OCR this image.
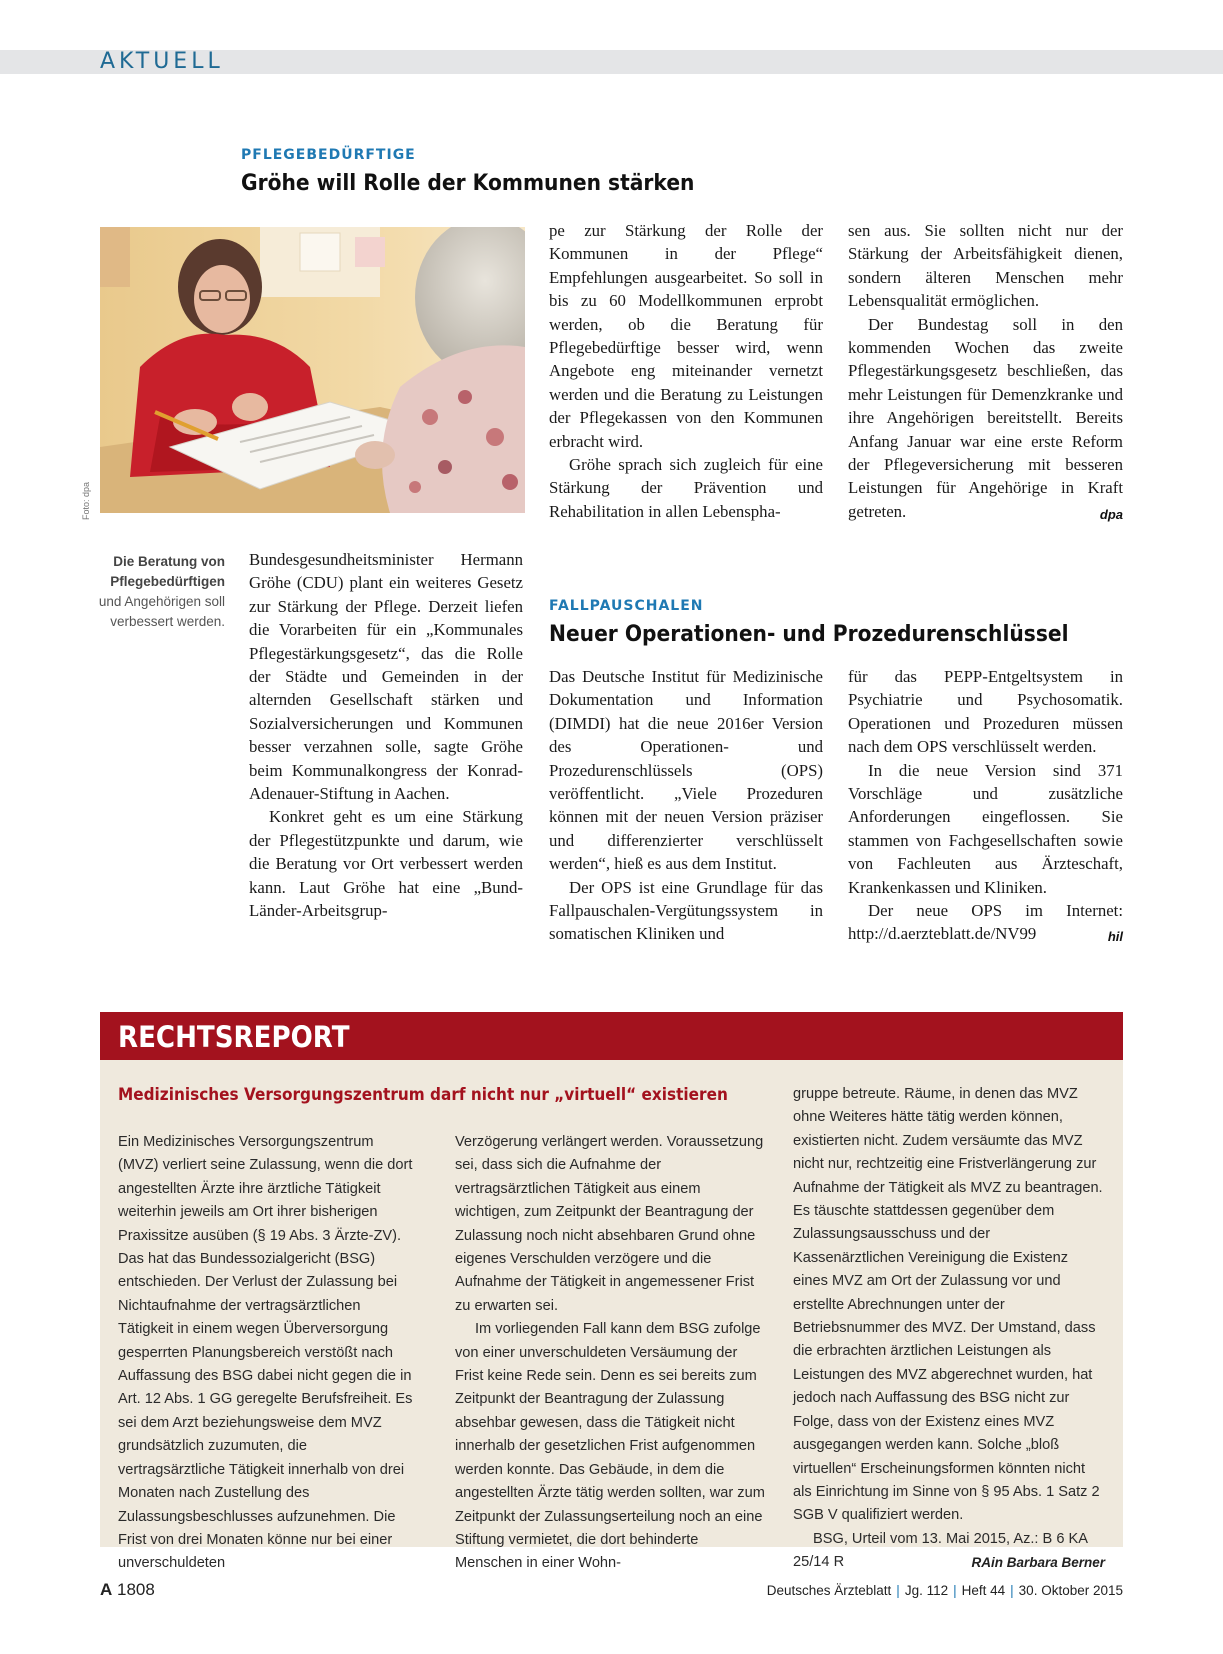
AKTUELL
PFLEGEBEDÜRFTIGE
Gröhe will Rolle der Kommunen stärken
Foto: dpa
Die Beratung von Pflegebedürftigen und Angehörigen soll verbessert werden.

Bundesgesundheitsminister Hermann Gröhe (CDU) plant ein weiteres Gesetz zur Stärkung der Pflege. Derzeit liefen die Vorarbeiten für ein „Kommunales Pflegestärkungsgesetz“, das die Rolle der Städte und Gemeinden in der alternden Gesellschaft stärken und Sozialversicherungen und Kommunen besser verzahnen solle, sagte Gröhe beim Kommunalkongress der Konrad-Adenauer-Stiftung in Aachen.

Konkret geht es um eine Stärkung der Pflegestützpunkte und darum, wie die Beratung vor Ort verbessert werden kann. Laut Gröhe hat eine „Bund-Länder-Arbeitsgrup-

pe zur Stärkung der Rolle der Kommunen in der Pflege“ Empfehlungen ausgearbeitet. So soll in bis zu 60 Modellkommunen erprobt werden, ob die Beratung für Pflegebedürftige besser wird, wenn Angebote eng miteinander vernetzt werden und die Beratung zu Leistungen der Pflegekassen von den Kommunen erbracht wird.

Gröhe sprach sich zugleich für eine Stärkung der Prävention und Rehabilitation in allen Lebenspha-

sen aus. Sie sollten nicht nur der Stärkung der Arbeitsfähigkeit dienen, sondern älteren Menschen mehr Lebensqualität ermöglichen.

Der Bundestag soll in den kommenden Wochen das zweite Pflegestärkungsgesetz beschließen, das mehr Leistungen für Demenzkranke und ihre Angehörigen bereitstellt. Bereits Anfang Januar war eine erste Reform der Pflegeversicherung mit besseren Leistungen für Angehörige in Kraft getreten.	dpa

FALLPAUSCHALEN
Neuer Operationen- und Prozedurenschlüssel

Das Deutsche Institut für Medizinische Dokumentation und Information (DIMDI) hat die neue 2016er Version des Operationen- und Prozedurenschlüssels (OPS) veröffentlicht. „Viele Prozeduren können mit der neuen Version präziser und differenzierter verschlüsselt werden“, hieß es aus dem Institut.

Der OPS ist eine Grundlage für das Fallpauschalen-Vergütungssystem in somatischen Kliniken und

für das PEPP-Entgeltsystem in Psychiatrie und Psychosomatik. Operationen und Prozeduren müssen nach dem OPS verschlüsselt werden.

In die neue Version sind 371 Vorschläge und zusätzliche Anforderungen eingeflossen. Sie stammen von Fachgesellschaften sowie von Fachleuten aus Ärzteschaft, Krankenkassen und Kliniken.

Der neue OPS im Internet: http://d.aerzteblatt.de/NV99	hil

RECHTSREPORT
Medizinisches Versorgungszentrum darf nicht nur „virtuell“ existieren

Ein Medizinisches Versorgungszentrum (MVZ) verliert seine Zulassung, wenn die dort angestellten Ärzte ihre ärztliche Tätigkeit weiterhin jeweils am Ort ihrer bisherigen Praxissitze ausüben (§ 19 Abs. 3 Ärzte-ZV). Das hat das Bundessozialgericht (BSG) entschieden. Der Verlust der Zulassung bei Nichtaufnahme der vertragsärztlichen Tätigkeit in einem wegen Überversorgung gesperrten Planungsbereich verstößt nach Auffassung des BSG dabei nicht gegen die in Art. 12 Abs. 1 GG geregelte Berufsfreiheit. Es sei dem Arzt beziehungsweise dem MVZ grundsätzlich zuzumuten, die vertragsärztliche Tätigkeit innerhalb von drei Monaten nach Zustellung des Zulassungsbeschlusses aufzunehmen. Die Frist von drei Monaten könne nur bei einer unverschuldeten

Verzögerung verlängert werden. Voraussetzung sei, dass sich die Aufnahme der vertragsärztlichen Tätigkeit aus einem wichtigen, zum Zeitpunkt der Beantragung der Zulassung noch nicht absehbaren Grund ohne eigenes Verschulden verzögere und die Aufnahme der Tätigkeit in angemessener Frist zu erwarten sei.

Im vorliegenden Fall kann dem BSG zufolge von einer unverschuldeten Versäumung der Frist keine Rede sein. Denn es sei bereits zum Zeitpunkt der Beantragung der Zulassung absehbar gewesen, dass die Tätigkeit nicht innerhalb der gesetzlichen Frist aufgenommen werden konnte. Das Gebäude, in dem die angestellten Ärzte tätig werden sollten, war zum Zeitpunkt der Zulassungserteilung noch an eine Stiftung vermietet, die dort behinderte Menschen in einer Wohn-

gruppe betreute. Räume, in denen das MVZ ohne Weiteres hätte tätig werden können, existierten nicht. Zudem versäumte das MVZ nicht nur, rechtzeitig eine Fristverlängerung zur Aufnahme der Tätigkeit als MVZ zu beantragen. Es täuschte stattdessen gegenüber dem Zulassungsausschuss und der Kassenärztlichen Vereinigung die Existenz eines MVZ am Ort der Zulassung vor und erstellte Abrechnungen unter der Betriebsnummer des MVZ. Der Umstand, dass die erbrachten ärztlichen Leistungen als Leistungen des MVZ abgerechnet wurden, hat jedoch nach Auffassung des BSG nicht zur Folge, dass von der Existenz eines MVZ ausgegangen werden kann. Solche „bloß virtuellen“ Erscheinungsformen könnten nicht als Einrichtung im Sinne von § 95 Abs. 1 Satz 2 SGB V qualifiziert werden.

BSG, Urteil vom 13. Mai 2015, Az.: B 6 KA 25/14 R	RAin Barbara Berner

A 1808	Deutsches Ärzteblatt | Jg. 112 | Heft 44 | 30. Oktober 2015
